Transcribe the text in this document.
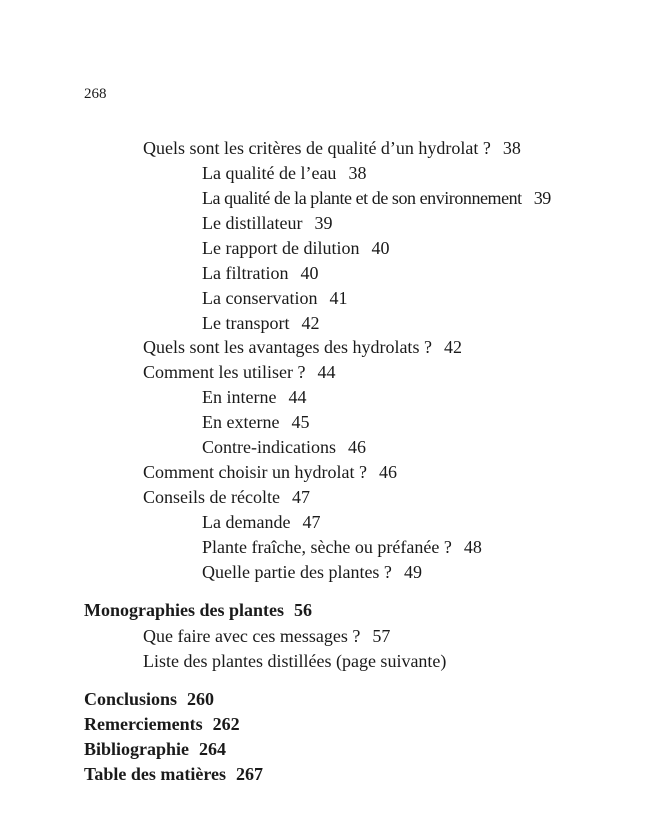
268
Quels sont les critères de qualité d’un hydrolat ? 38
La qualité de l’eau 38
La qualité de la plante et de son environnement 39
Le distillateur 39
Le rapport de dilution 40
La filtration 40
La conservation 41
Le transport 42
Quels sont les avantages des hydrolats ? 42
Comment les utiliser ? 44
En interne 44
En externe 45
Contre-indications 46
Comment choisir un hydrolat ? 46
Conseils de récolte 47
La demande 47
Plante fraîche, sèche ou préfanée ? 48
Quelle partie des plantes ? 49
Monographies des plantes 56
Que faire avec ces messages ? 57
Liste des plantes distillées (page suivante)
Conclusions 260
Remerciements 262
Bibliographie 264
Table des matières 267
